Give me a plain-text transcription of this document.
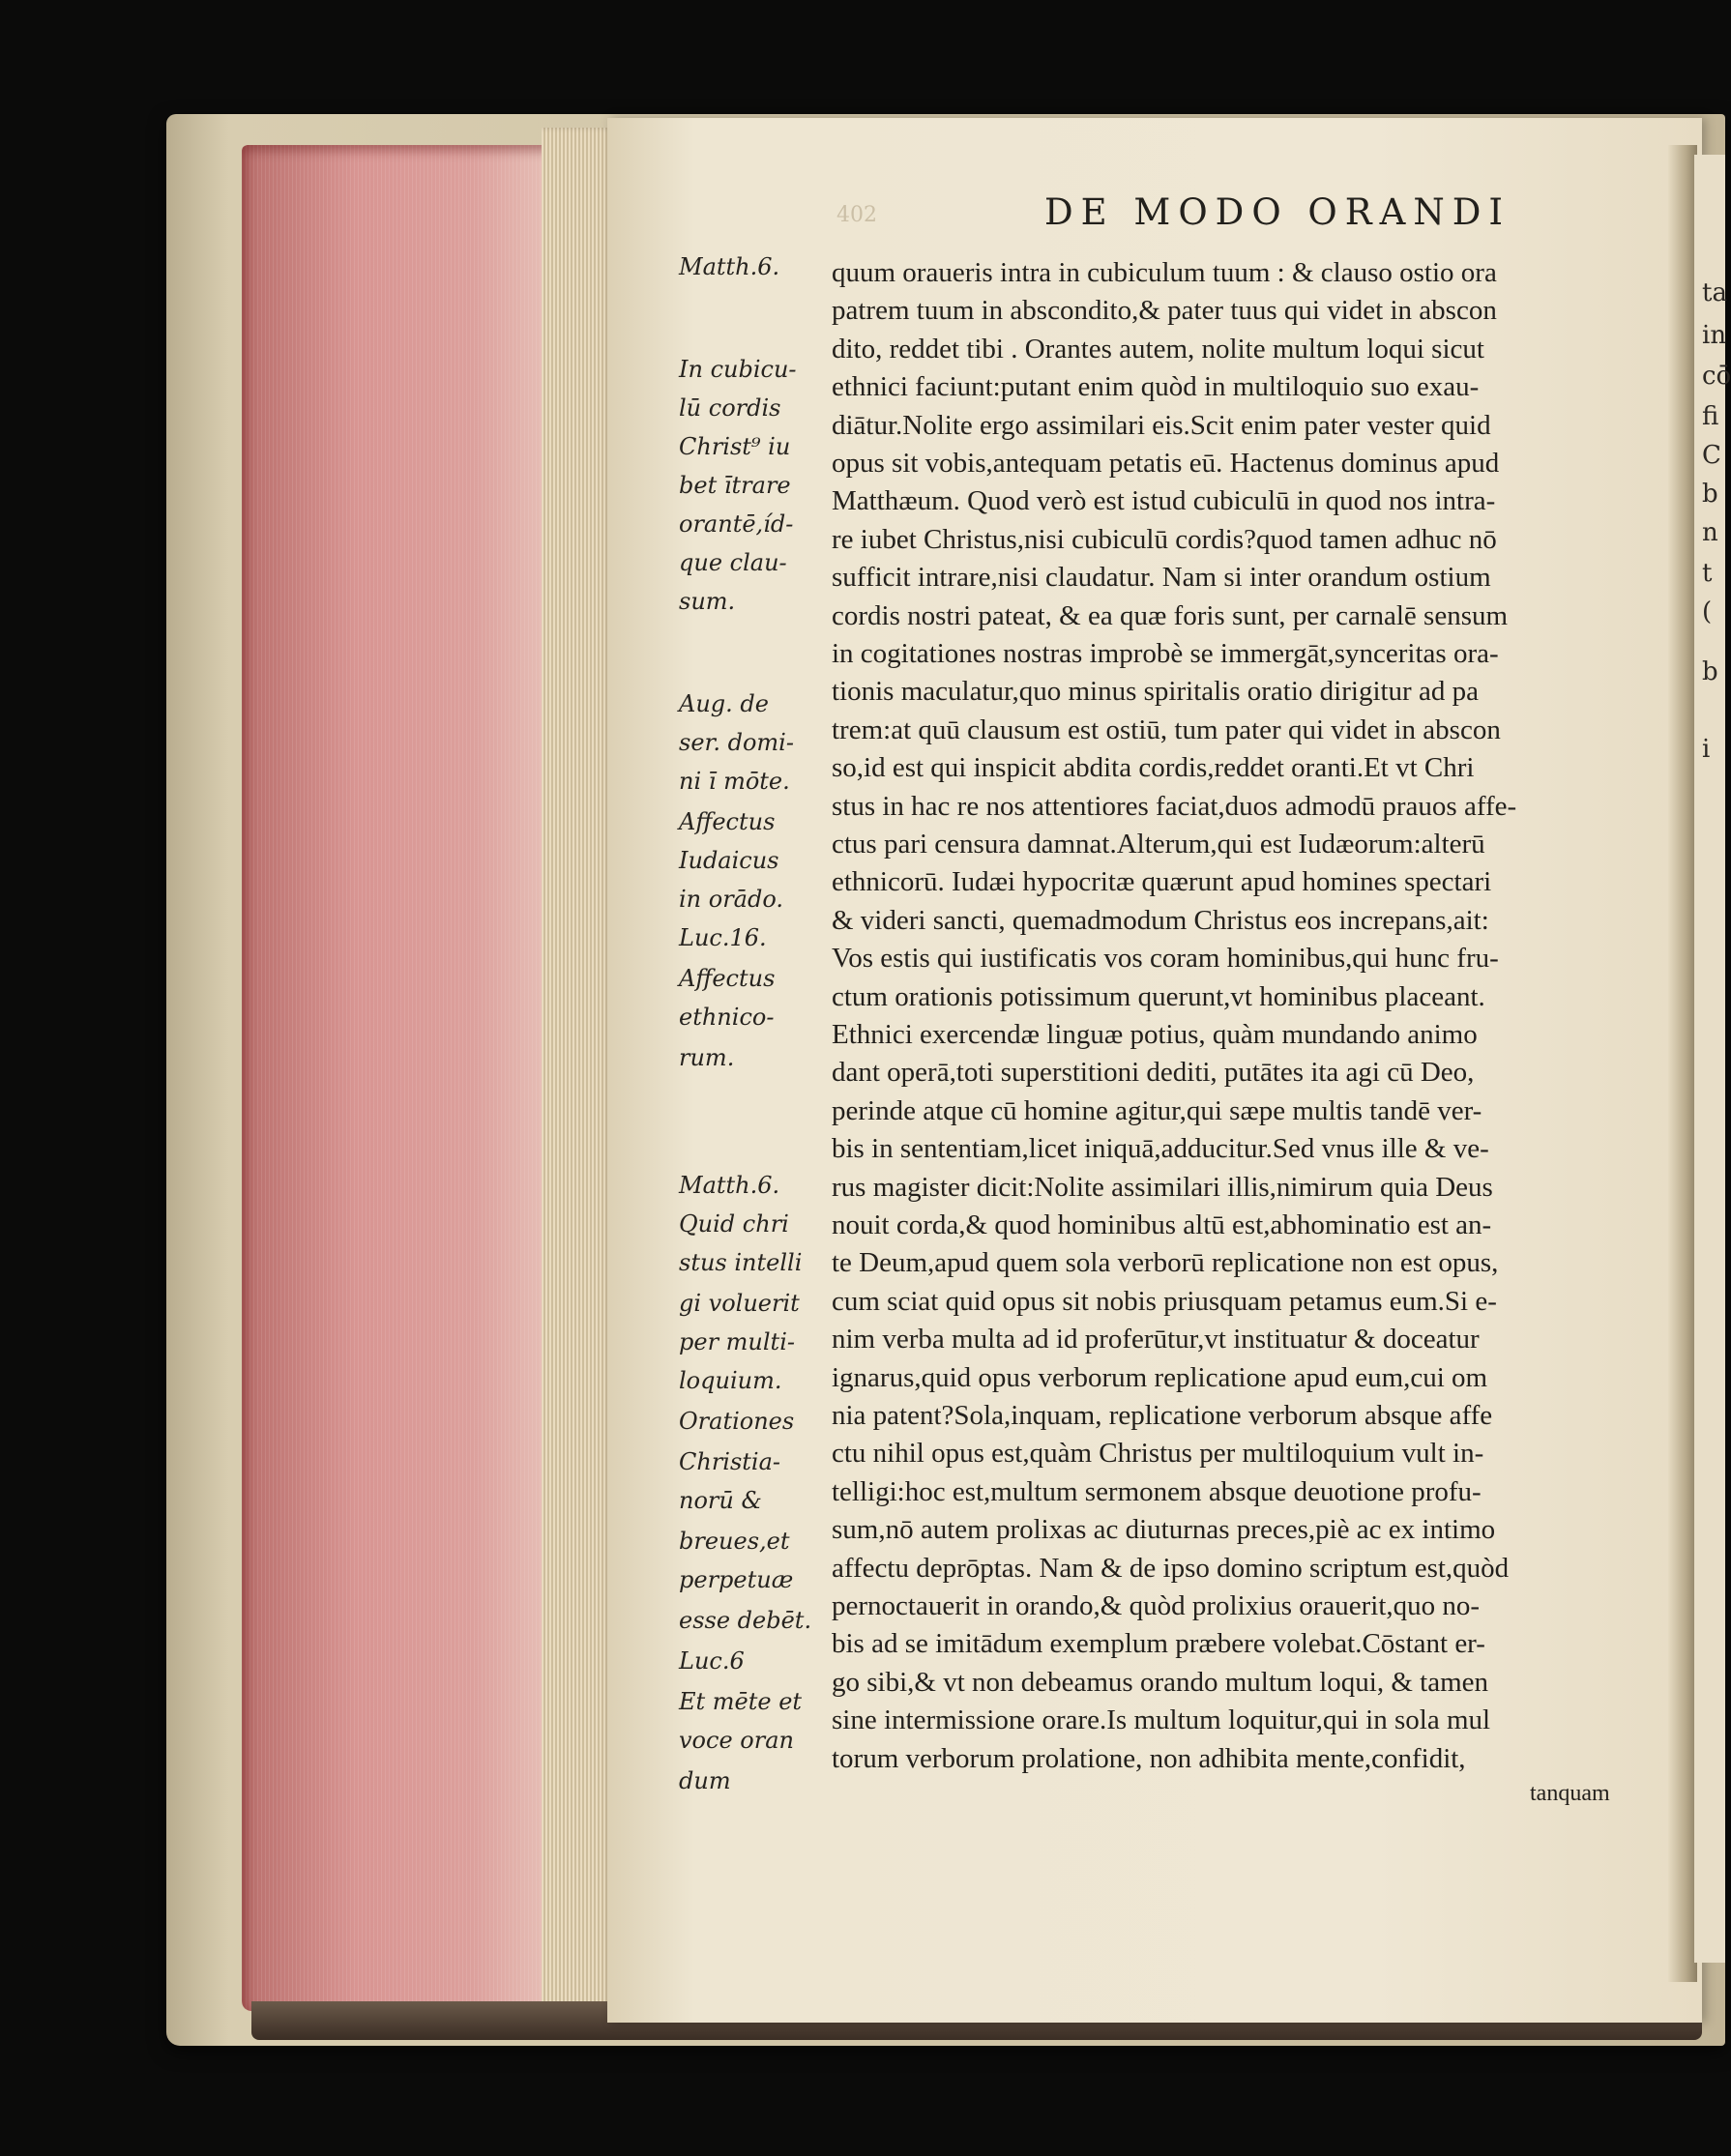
ta
in
cō
fi
C
b
n
t
(
b
i
402	DE MODO ORANDI
Matth.6.
In cubicu-
lū cordis
Christ⁹ iu
bet ītrare
orantē,íd-
que clau-
sum.
Aug. de
ser. domi-
ni ī mōte.
Affectus
Iudaicus
in orādo.
Luc.16.
Affectus
ethnico-
rum.
Matth.6.
Quid chri
stus intelli
gi voluerit
per multi-
loquium.
Orationes
Christia-
norū &
breues,et
perpetuæ
esse debēt.
Luc.6
Et mēte et
voce oran
dum
quum oraueris intra in cubiculum tuum : & clauso ostio ora
patrem tuum in abscondito,& pater tuus qui videt in abscon
dito, reddet tibi . Orantes autem, nolite multum loqui sicut
ethnici faciunt:putant enim quòd in multiloquio suo exau-
diātur.Nolite ergo assimilari eis.Scit enim pater vester quid
opus sit vobis,antequam petatis eū. Hactenus dominus apud
Matthæum. Quod verò est istud cubiculū in quod nos intra-
re iubet Christus,nisi cubiculū cordis?quod tamen adhuc nō
sufficit intrare,nisi claudatur. Nam si inter orandum ostium
cordis nostri pateat, & ea quæ foris sunt, per carnalē sensum
in cogitationes nostras improbè se immergāt,synceritas ora-
tionis maculatur,quo minus spiritalis oratio dirigitur ad pa
trem:at quū clausum est ostiū, tum pater qui videt in abscon
so,id est qui inspicit abdita cordis,reddet oranti.Et vt Chri
stus in hac re nos attentiores faciat,duos admodū prauos affe-
ctus pari censura damnat.Alterum,qui est Iudæorum:alterū
ethnicorū. Iudæi hypocritæ quærunt apud homines spectari
& videri sancti, quemadmodum Christus eos increpans,ait:
Vos estis qui iustificatis vos coram hominibus,qui hunc fru-
ctum orationis potissimum querunt,vt hominibus placeant.
Ethnici exercendæ linguæ potius, quàm mundando animo
dant operā,toti superstitioni dediti, putātes ita agi cū Deo,
perinde atque cū homine agitur,qui sæpe multis tandē ver-
bis in sententiam,licet iniquā,adducitur.Sed vnus ille & ve-
rus magister dicit:Nolite assimilari illis,nimirum quia Deus
nouit corda,& quod hominibus altū est,abhominatio est an-
te Deum,apud quem sola verborū replicatione non est opus,
cum sciat quid opus sit nobis priusquam petamus eum.Si e-
nim verba multa ad id proferūtur,vt instituatur & doceatur
ignarus,quid opus verborum replicatione apud eum,cui om
nia patent?Sola,inquam, replicatione verborum absque affe
ctu nihil opus est,quàm Christus per multiloquium vult in-
telligi:hoc est,multum sermonem absque deuotione profu-
sum,nō autem prolixas ac diuturnas preces,piè ac ex intimo
affectu deprōptas. Nam & de ipso domino scriptum est,quòd
pernoctauerit in orando,& quòd prolixius orauerit,quo no-
bis ad se imitādum exemplum præbere volebat.Cōstant er-
go sibi,& vt non debeamus orando multum loqui, & tamen
sine intermissione orare.Is multum loquitur,qui in sola mul
torum verborum prolatione, non adhibita mente,confidit,
tanquam
